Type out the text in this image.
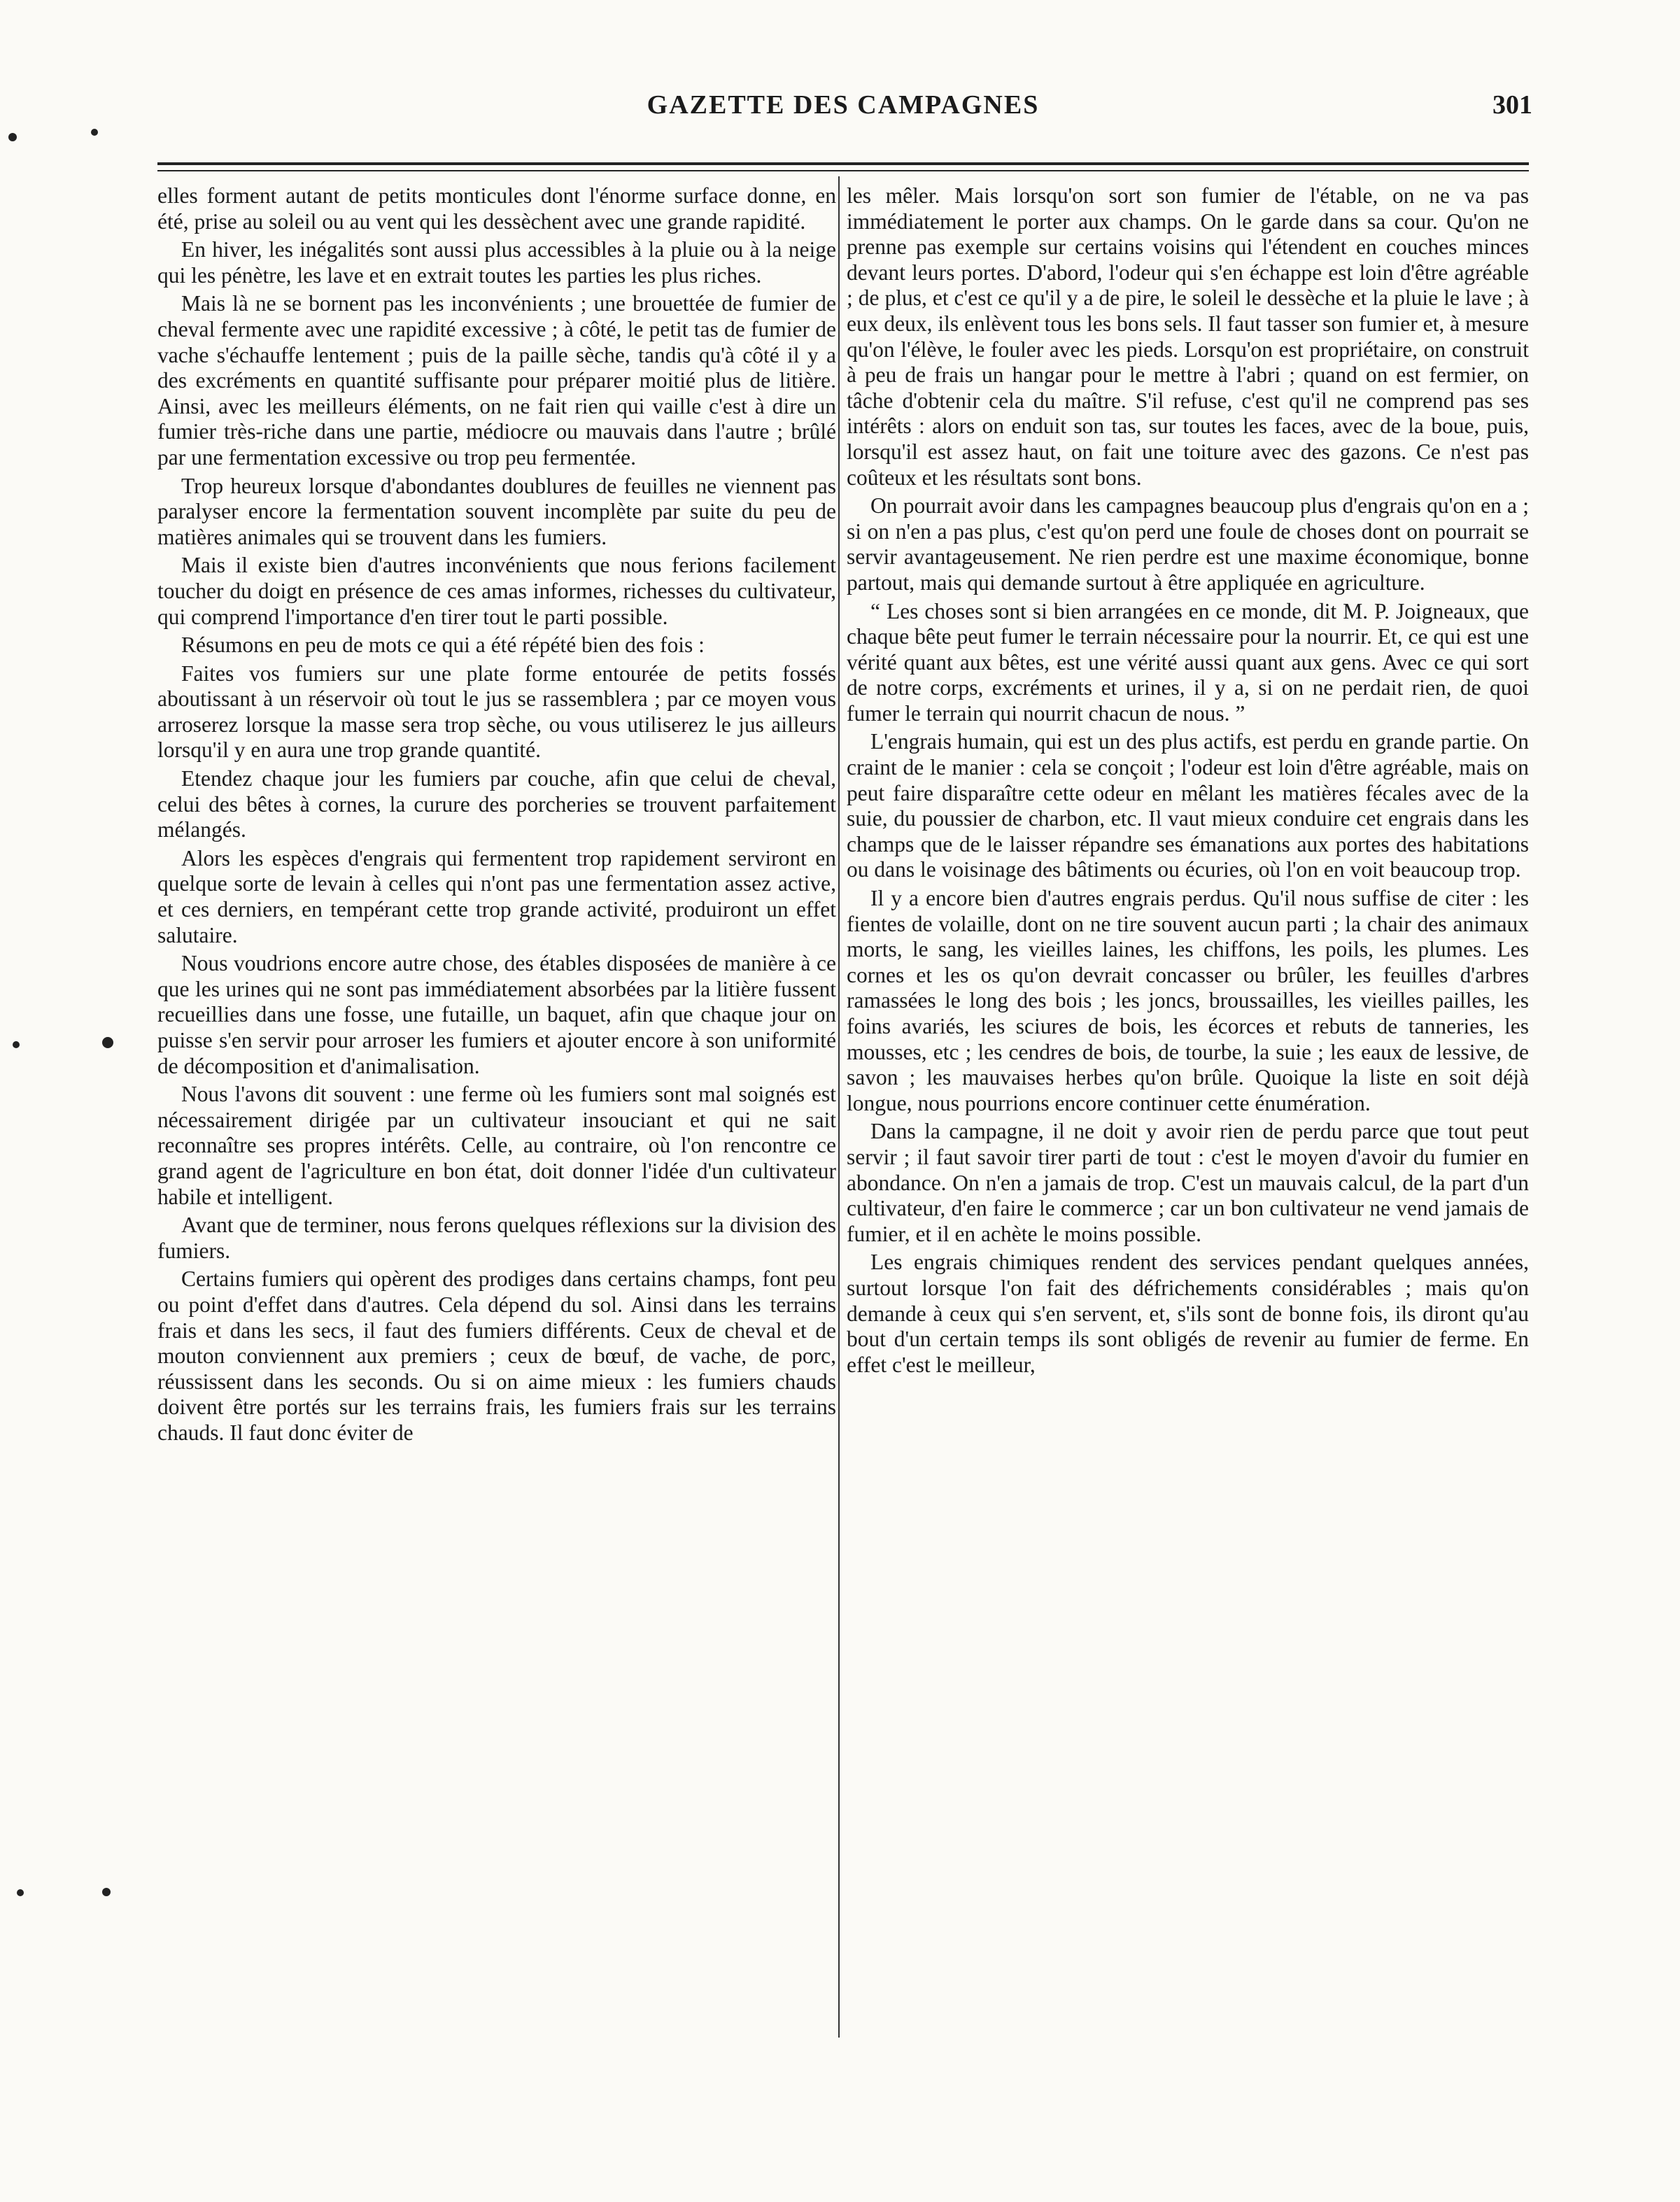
GAZETTE DES CAMPAGNES	301

elles forment autant de petits monticules dont l'énorme surface donne, en été, prise au soleil ou au vent qui les dessèchent avec une grande rapidité.

En hiver, les inégalités sont aussi plus accessibles à la pluie ou à la neige qui les pénètre, les lave et en extrait toutes les parties les plus riches.

Mais là ne se bornent pas les inconvénients ; une brouettée de fumier de cheval fermente avec une rapidité excessive ; à côté, le petit tas de fumier de vache s'échauffe lentement ; puis de la paille sèche, tandis qu'à côté il y a des excréments en quantité suffisante pour préparer moitié plus de litière. Ainsi, avec les meilleurs éléments, on ne fait rien qui vaille c'est à dire un fumier très-riche dans une partie, médiocre ou mauvais dans l'autre ; brûlé par une fermentation excessive ou trop peu fermentée.

Trop heureux lorsque d'abondantes doublures de feuilles ne viennent pas paralyser encore la fermentation souvent incomplète par suite du peu de matières animales qui se trouvent dans les fumiers.

Mais il existe bien d'autres inconvénients que nous ferions facilement toucher du doigt en présence de ces amas informes, richesses du cultivateur, qui comprend l'importance d'en tirer tout le parti possible.

Résumons en peu de mots ce qui a été répété bien des fois :

Faites vos fumiers sur une plate forme entourée de petits fossés aboutissant à un réservoir où tout le jus se rassemblera ; par ce moyen vous arroserez lorsque la masse sera trop sèche, ou vous utiliserez le jus ailleurs lorsqu'il y en aura une trop grande quantité.

Etendez chaque jour les fumiers par couche, afin que celui de cheval, celui des bêtes à cornes, la curure des porcheries se trouvent parfaitement mélangés.

Alors les espèces d'engrais qui fermentent trop rapidement serviront en quelque sorte de levain à celles qui n'ont pas une fermentation assez active, et ces derniers, en tempérant cette trop grande activité, produiront un effet salutaire.

Nous voudrions encore autre chose, des étables disposées de manière à ce que les urines qui ne sont pas immédiatement absorbées par la litière fussent recueillies dans une fosse, une futaille, un baquet, afin que chaque jour on puisse s'en servir pour arroser les fumiers et ajouter encore à son uniformité de décomposition et d'animalisation.

Nous l'avons dit souvent : une ferme où les fumiers sont mal soignés est nécessairement dirigée par un cultivateur insouciant et qui ne sait reconnaître ses propres intérêts. Celle, au contraire, où l'on rencontre ce grand agent de l'agriculture en bon état, doit donner l'idée d'un cultivateur habile et intelligent.

Avant que de terminer, nous ferons quelques réflexions sur la division des fumiers.

Certains fumiers qui opèrent des prodiges dans certains champs, font peu ou point d'effet dans d'autres. Cela dépend du sol. Ainsi dans les terrains frais et dans les secs, il faut des fumiers différents. Ceux de cheval et de mouton conviennent aux premiers ; ceux de bœuf, de vache, de porc, réussissent dans les seconds. Ou si on aime mieux : les fumiers chauds doivent être portés sur les terrains frais, les fumiers frais sur les terrains chauds. Il faut donc éviter de

les mêler. Mais lorsqu'on sort son fumier de l'étable, on ne va pas immédiatement le porter aux champs. On le garde dans sa cour. Qu'on ne prenne pas exemple sur certains voisins qui l'étendent en couches minces devant leurs portes. D'abord, l'odeur qui s'en échappe est loin d'être agréable ; de plus, et c'est ce qu'il y a de pire, le soleil le dessèche et la pluie le lave ; à eux deux, ils enlèvent tous les bons sels. Il faut tasser son fumier et, à mesure qu'on l'élève, le fouler avec les pieds. Lorsqu'on est propriétaire, on construit à peu de frais un hangar pour le mettre à l'abri ; quand on est fermier, on tâche d'obtenir cela du maître. S'il refuse, c'est qu'il ne comprend pas ses intérêts : alors on enduit son tas, sur toutes les faces, avec de la boue, puis, lorsqu'il est assez haut, on fait une toiture avec des gazons. Ce n'est pas coûteux et les résultats sont bons.

On pourrait avoir dans les campagnes beaucoup plus d'engrais qu'on en a ; si on n'en a pas plus, c'est qu'on perd une foule de choses dont on pourrait se servir avantageusement. Ne rien perdre est une maxime économique, bonne partout, mais qui demande surtout à être appliquée en agriculture.

“ Les choses sont si bien arrangées en ce monde, dit M. P. Joigneaux, que chaque bête peut fumer le terrain nécessaire pour la nourrir. Et, ce qui est une vérité quant aux bêtes, est une vérité aussi quant aux gens. Avec ce qui sort de notre corps, excréments et urines, il y a, si on ne perdait rien, de quoi fumer le terrain qui nourrit chacun de nous. ”

L'engrais humain, qui est un des plus actifs, est perdu en grande partie. On craint de le manier : cela se conçoit ; l'odeur est loin d'être agréable, mais on peut faire disparaître cette odeur en mêlant les matières fécales avec de la suie, du poussier de charbon, etc. Il vaut mieux conduire cet engrais dans les champs que de le laisser répandre ses émanations aux portes des habitations ou dans le voisinage des bâtiments ou écuries, où l'on en voit beaucoup trop.

Il y a encore bien d'autres engrais perdus. Qu'il nous suffise de citer : les fientes de volaille, dont on ne tire souvent aucun parti ; la chair des animaux morts, le sang, les vieilles laines, les chiffons, les poils, les plumes. Les cornes et les os qu'on devrait concasser ou brûler, les feuilles d'arbres ramassées le long des bois ; les joncs, broussailles, les vieilles pailles, les foins avariés, les sciures de bois, les écorces et rebuts de tanneries, les mousses, etc ; les cendres de bois, de tourbe, la suie ; les eaux de lessive, de savon ; les mauvaises herbes qu'on brûle. Quoique la liste en soit déjà longue, nous pourrions encore continuer cette énumération.

Dans la campagne, il ne doit y avoir rien de perdu parce que tout peut servir ; il faut savoir tirer parti de tout : c'est le moyen d'avoir du fumier en abondance. On n'en a jamais de trop. C'est un mauvais calcul, de la part d'un cultivateur, d'en faire le commerce ; car un bon cultivateur ne vend jamais de fumier, et il en achète le moins possible.

Les engrais chimiques rendent des services pendant quelques années, surtout lorsque l'on fait des défrichements considérables ; mais qu'on demande à ceux qui s'en servent, et, s'ils sont de bonne fois, ils diront qu'au bout d'un certain temps ils sont obligés de revenir au fumier de ferme. En effet c'est le meilleur,
